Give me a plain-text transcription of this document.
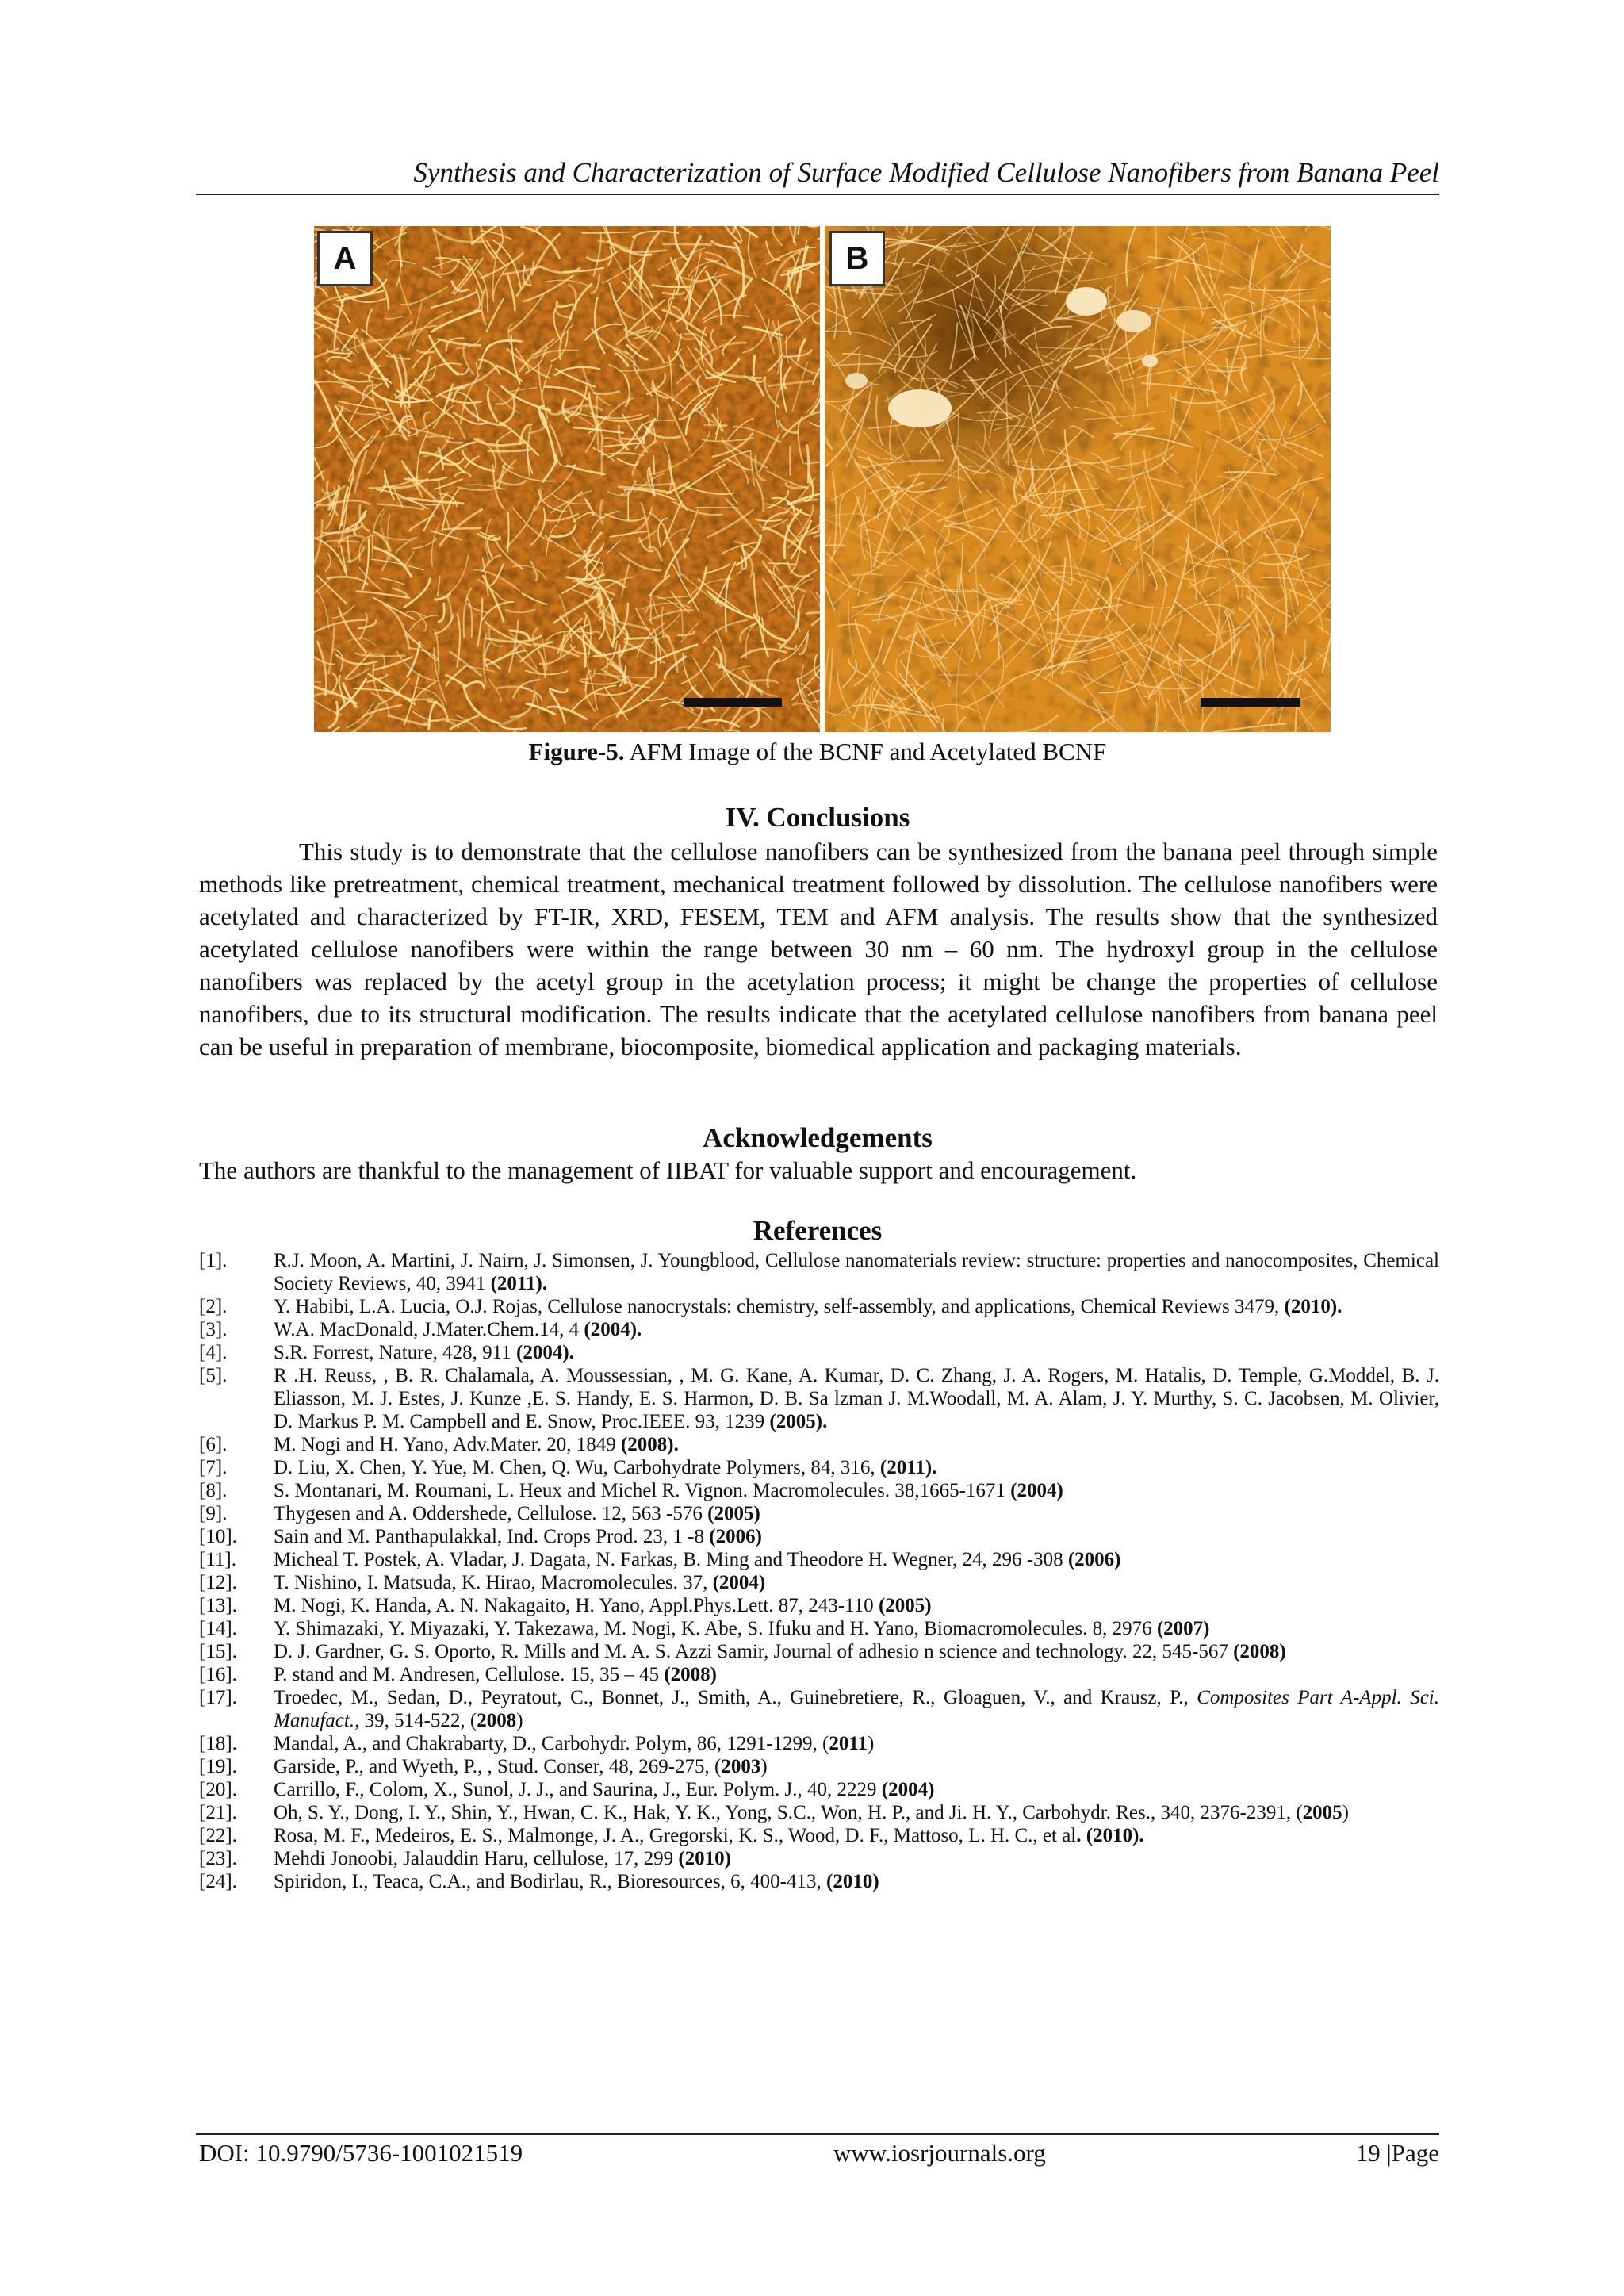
Synthesis and Characterization of Surface Modified Cellulose Nanofibers from Banana Peel
A	B
Figure-5. AFM Image of the BCNF and Acetylated BCNF
IV. Conclusions
This study is to demonstrate that the cellulose nanofibers can be synthesized from the banana peel through simple methods like pretreatment, chemical treatment, mechanical treatment followed by dissolution. The cellulose nanofibers were acetylated and characterized by FT-IR, XRD, FESEM, TEM and AFM analysis. The results show that the synthesized acetylated cellulose nanofibers were within the range between 30 nm – 60 nm. The hydroxyl group in the cellulose nanofibers was replaced by the acetyl group in the acetylation process; it might be change the properties of cellulose nanofibers, due to its structural modification. The results indicate that the acetylated cellulose nanofibers from banana peel can be useful in preparation of membrane, biocomposite, biomedical application and packaging materials.
Acknowledgements
The authors are thankful to the management of IIBAT for valuable support and encouragement.
References
[1].	R.J. Moon, A. Martini, J. Nairn, J. Simonsen, J. Youngblood, Cellulose nanomaterials review: structure: properties and nanocomposites, Chemical Society Reviews, 40, 3941 (2011).
[2].	Y. Habibi, L.A. Lucia, O.J. Rojas, Cellulose nanocrystals: chemistry, self-assembly, and applications, Chemical Reviews 3479, (2010).
[3].	W.A. MacDonald, J.Mater.Chem.14, 4 (2004).
[4].	S.R. Forrest, Nature, 428, 911 (2004).
[5].	R .H. Reuss, , B. R. Chalamala, A. Moussessian, , M. G. Kane, A. Kumar, D. C. Zhang, J. A. Rogers, M. Hatalis, D. Temple, G.Moddel, B. J. Eliasson, M. J. Estes, J. Kunze ,E. S. Handy, E. S. Harmon, D. B. Sa lzman J. M.Woodall, M. A. Alam, J. Y. Murthy, S. C. Jacobsen, M. Olivier, D. Markus P. M. Campbell and E. Snow, Proc.IEEE. 93, 1239 (2005).
[6].	M. Nogi and H. Yano, Adv.Mater. 20, 1849 (2008).
[7].	D. Liu, X. Chen, Y. Yue, M. Chen, Q. Wu, Carbohydrate Polymers, 84, 316, (2011).
[8].	S. Montanari, M. Roumani, L. Heux and Michel R. Vignon. Macromolecules. 38,1665-1671 (2004)
[9].	Thygesen and A. Oddershede, Cellulose. 12, 563 -576 (2005)
[10].	Sain and M. Panthapulakkal, Ind. Crops Prod. 23, 1 -8 (2006)
[11].	Micheal T. Postek, A. Vladar, J. Dagata, N. Farkas, B. Ming and Theodore H. Wegner, 24, 296 -308 (2006)
[12].	T. Nishino, I. Matsuda, K. Hirao, Macromolecules. 37, (2004)
[13].	M. Nogi, K. Handa, A. N. Nakagaito, H. Yano, Appl.Phys.Lett. 87, 243-110 (2005)
[14].	Y. Shimazaki, Y. Miyazaki, Y. Takezawa, M. Nogi, K. Abe, S. Ifuku and H. Yano, Biomacromolecules. 8, 2976 (2007)
[15].	D. J. Gardner, G. S. Oporto, R. Mills and M. A. S. Azzi Samir, Journal of adhesio n science and technology. 22, 545-567 (2008)
[16].	P. stand and M. Andresen, Cellulose. 15, 35 – 45 (2008)
[17].	Troedec, M., Sedan, D., Peyratout, C., Bonnet, J., Smith, A., Guinebretiere, R., Gloaguen, V., and Krausz, P., Composites Part A-Appl. Sci. Manufact., 39, 514-522, (2008)
[18].	Mandal, A., and Chakrabarty, D., Carbohydr. Polym, 86, 1291-1299, (2011)
[19].	Garside, P., and Wyeth, P., , Stud. Conser, 48, 269-275, (2003)
[20].	Carrillo, F., Colom, X., Sunol, J. J., and Saurina, J., Eur. Polym. J., 40, 2229 (2004)
[21].	Oh, S. Y., Dong, I. Y., Shin, Y., Hwan, C. K., Hak, Y. K., Yong, S.C., Won, H. P., and Ji. H. Y., Carbohydr. Res., 340, 2376-2391, (2005)
[22].	Rosa, M. F., Medeiros, E. S., Malmonge, J. A., Gregorski, K. S., Wood, D. F., Mattoso, L. H. C., et al. (2010).
[23].	Mehdi Jonoobi, Jalauddin Haru, cellulose, 17, 299 (2010)
[24].	Spiridon, I., Teaca, C.A., and Bodirlau, R., Bioresources, 6, 400-413, (2010)
DOI: 10.9790/5736-1001021519	www.iosrjournals.org	19 |Page
